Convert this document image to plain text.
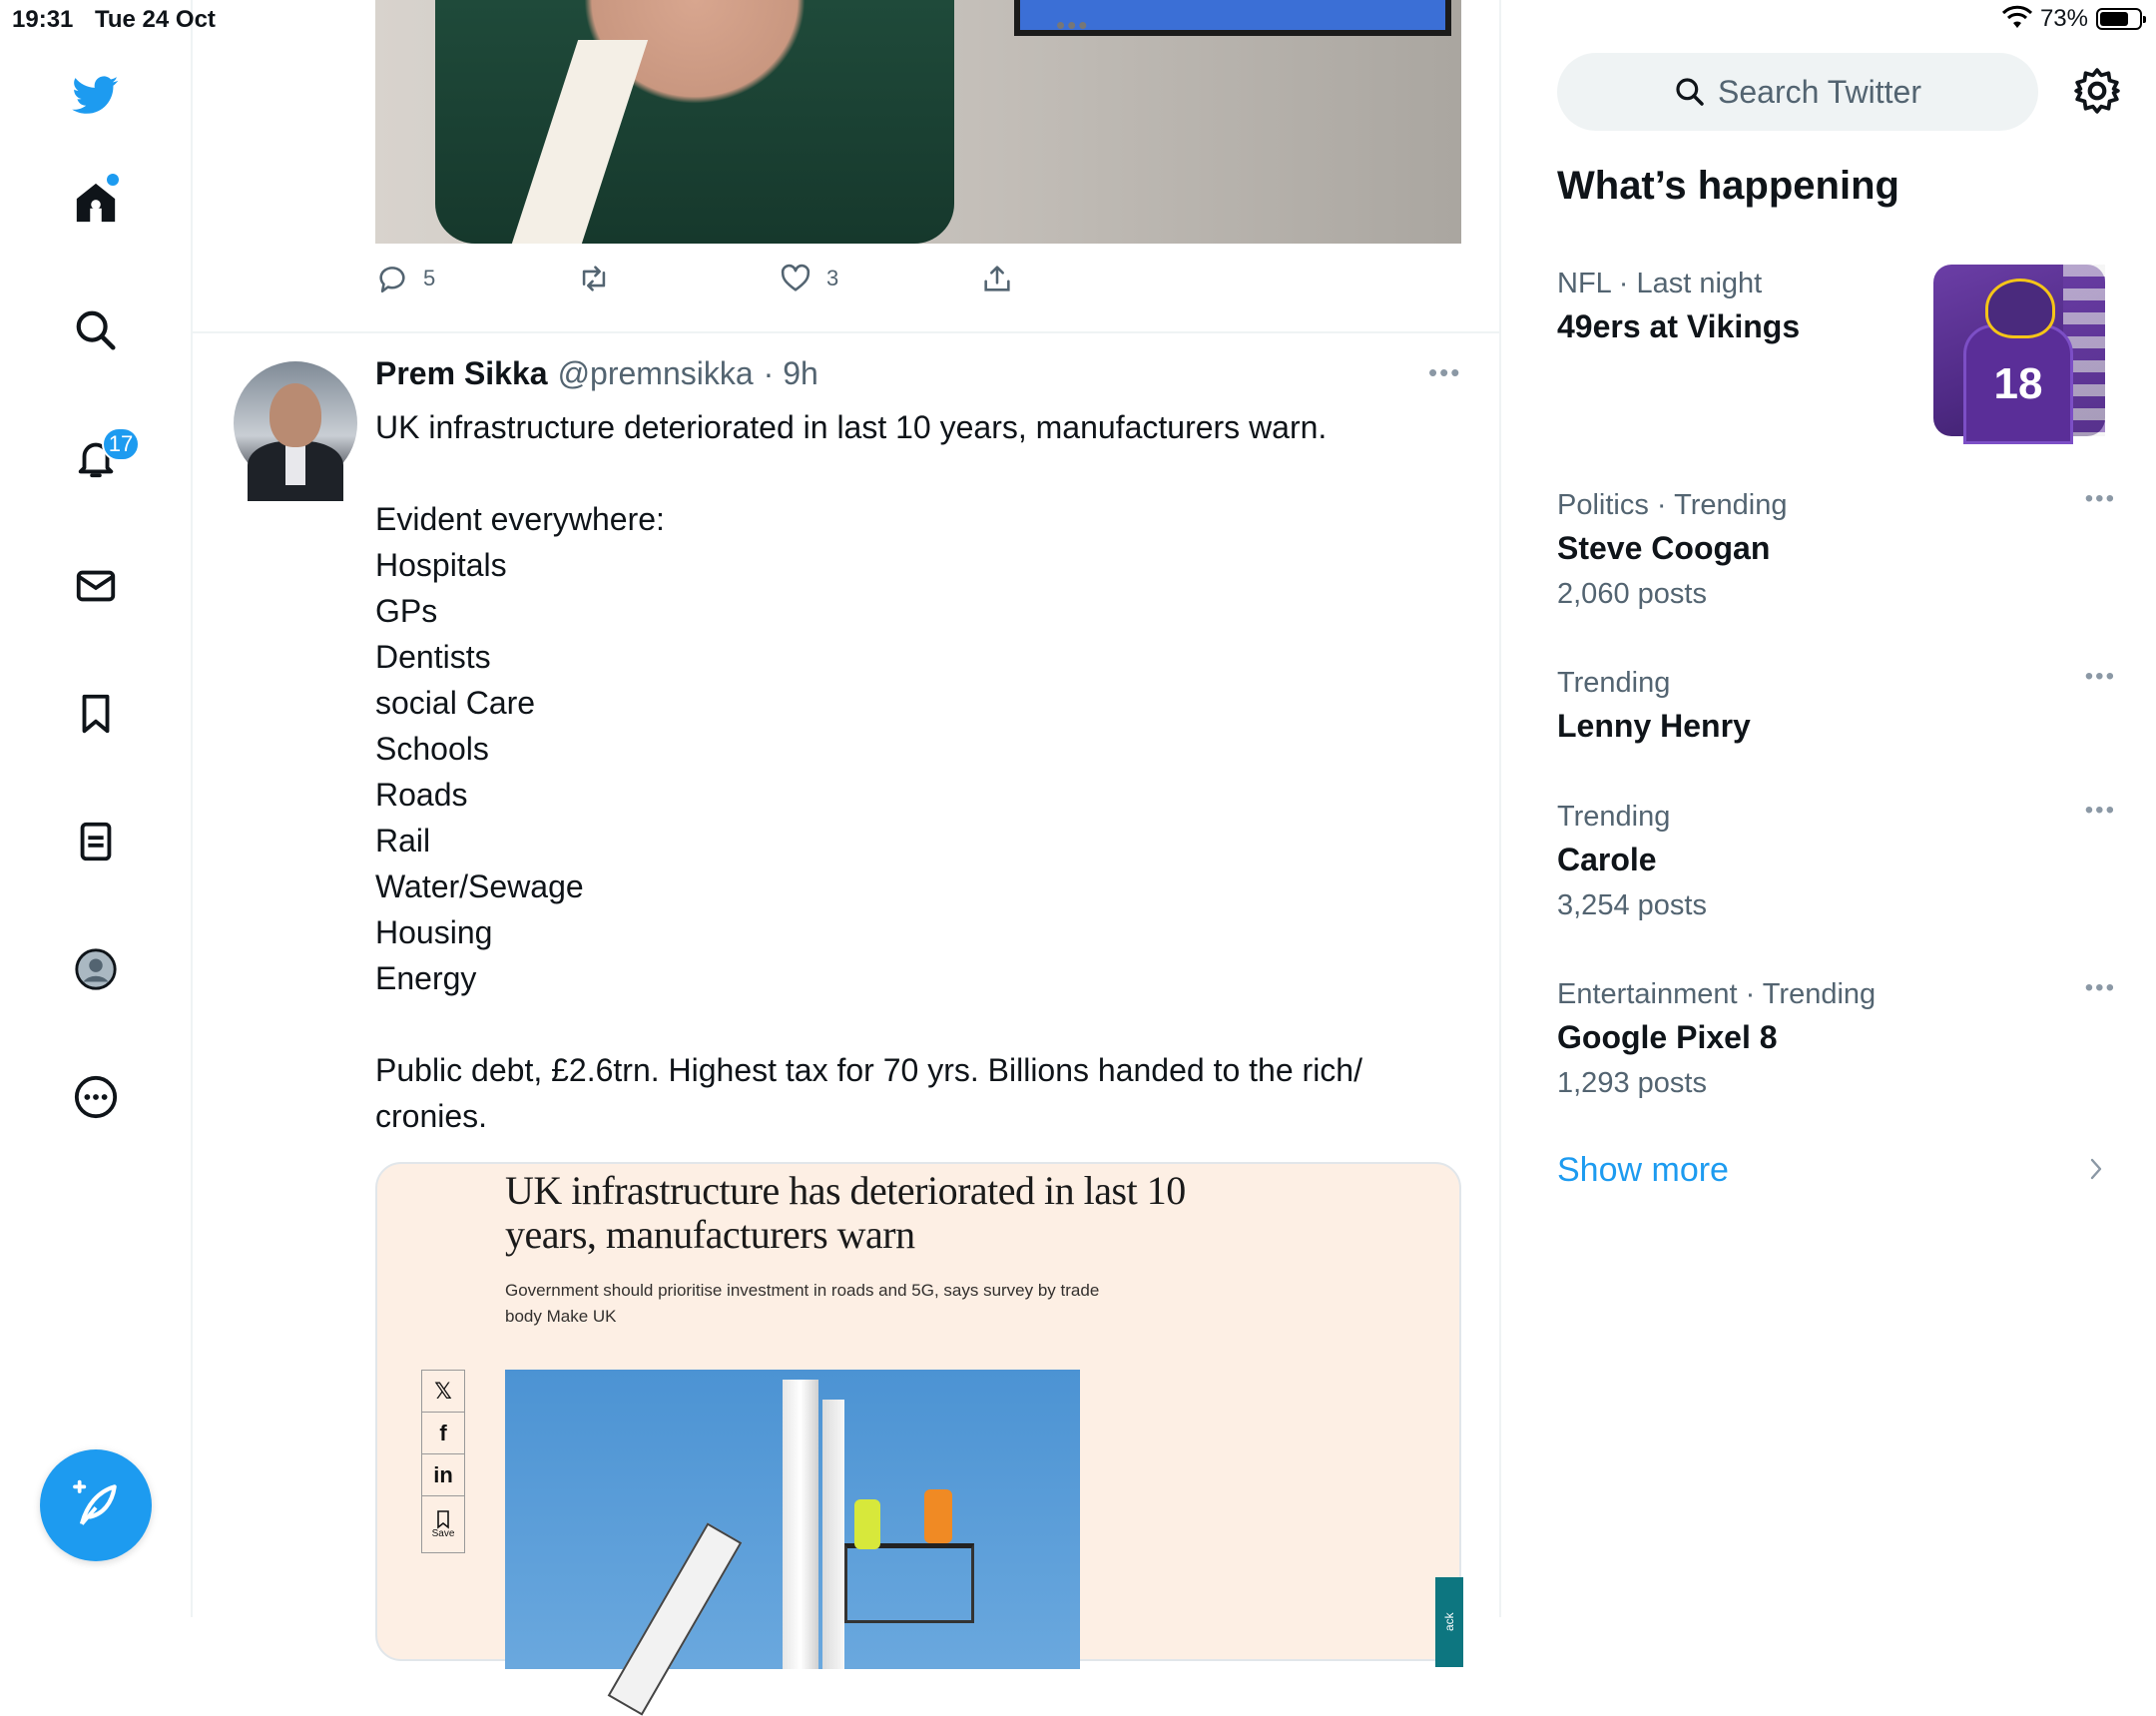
19:31 Tue 24 Oct	•••	73%
17
5	3
Prem Sikka @premnsikka · 9h	•••

UK infrastructure deteriorated in last 10 years, manufacturers warn.

Evident everywhere:
Hospitals
GPs
Dentists
social Care
Schools
Roads
Rail
Water/Sewage
Housing
Energy

Public debt, £2.6trn. Highest tax for 70 yrs. Billions handed to the rich/ cronies.

UK infrastructure has deteriorated in last 10 years, manufacturers warn
Government should prioritise investment in roads and 5G, says survey by trade body Make UK
𝕏
f
in
Save
ack
Search Twitter
What’s happening
NFL · Last night
49ers at Vikings
18
Politics · Trending
Steve Coogan
2,060 posts
•••
Trending
Lenny Henry
•••
Trending
Carole
3,254 posts
•••
Entertainment · Trending
Google Pixel 8
1,293 posts
•••
Show more
